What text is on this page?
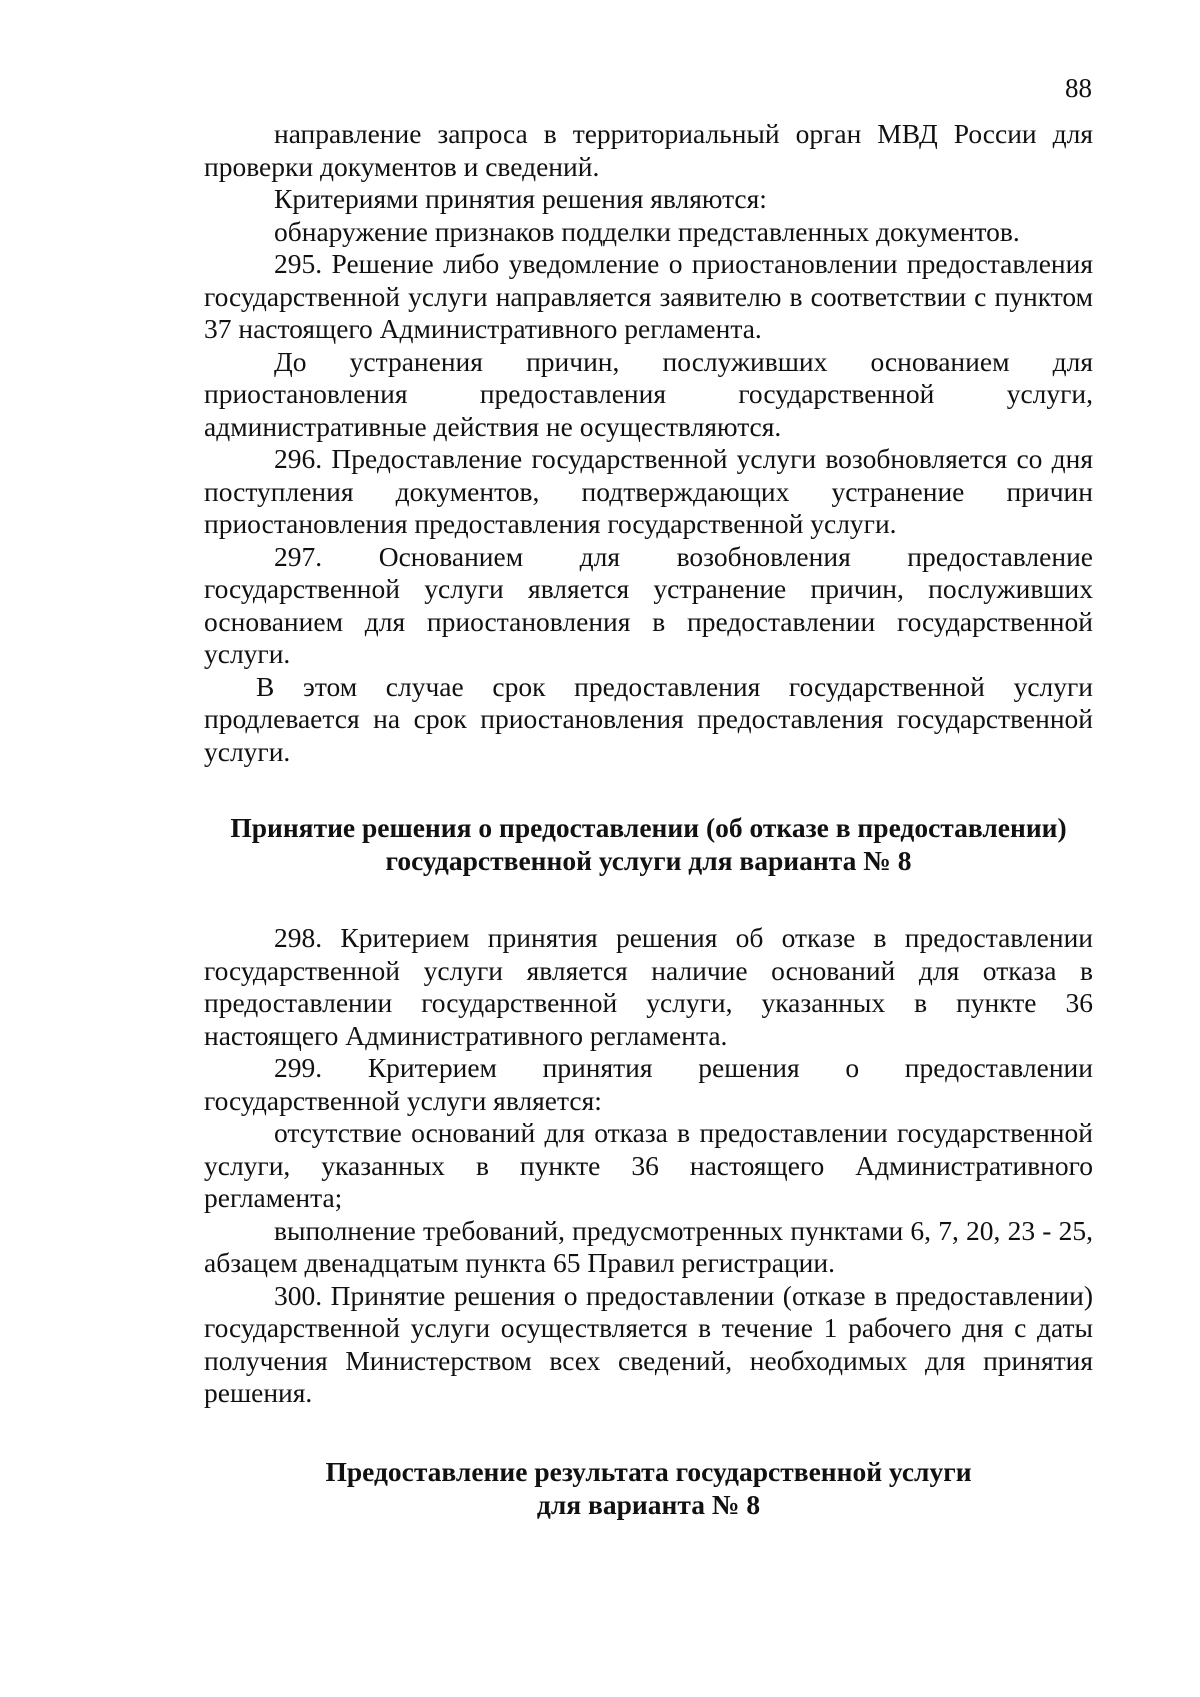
88

направление запроса в территориальный орган МВД России для проверки документов и сведений.

Критериями принятия решения являются:

обнаружение признаков подделки представленных документов.

295. Решение либо уведомление о приостановлении предоставления государственной услуги направляется заявителю в соответствии с пунктом 37 настоящего Административного регламента.

До устранения причин, послуживших основанием для приостановления предоставления государственной услуги, административные действия не осуществляются.

296. Предоставление государственной услуги возобновляется со дня поступления документов, подтверждающих устранение причин приостановления предоставления государственной услуги.

297. Основанием для возобновления предоставление государственной услуги является устранение причин, послуживших основанием для приостановления в предоставлении государственной услуги.

В этом случае срок предоставления государственной услуги продлевается на срок приостановления предоставления государственной услуги.

Принятие решения о предоставлении (об отказе в предоставлении)
государственной услуги для варианта № 8

298. Критерием принятия решения об отказе в предоставлении государственной услуги является наличие оснований для отказа в предоставлении государственной услуги, указанных в пункте 36 настоящего Административного регламента.

299. Критерием принятия решения о предоставлении государственной услуги является:

отсутствие оснований для отказа в предоставлении государственной услуги, указанных в пункте 36 настоящего Административного регламента;

выполнение требований, предусмотренных пунктами 6, 7, 20, 23 - 25, абзацем двенадцатым пункта 65 Правил регистрации.

300. Принятие решения о предоставлении (отказе в предоставлении) государственной услуги осуществляется в течение 1 рабочего дня с даты получения Министерством всех сведений, необходимых для принятия решения.

Предоставление результата государственной услуги
для варианта № 8
